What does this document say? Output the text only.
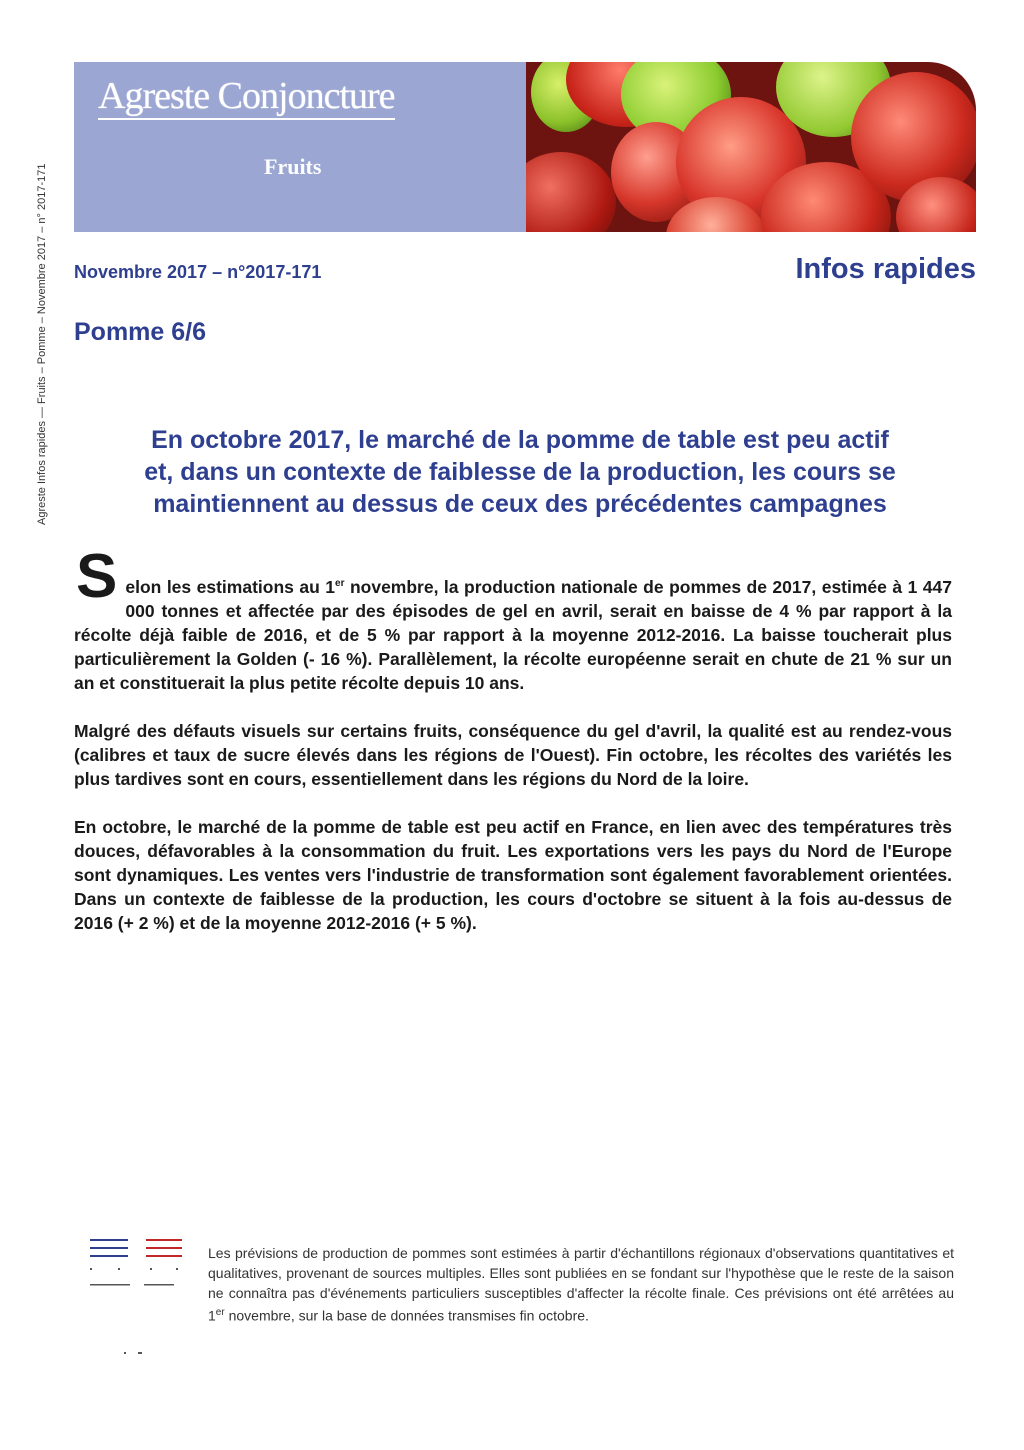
Agreste Infos rapides — Fruits – Pomme – Novembre 2017 – n° 2017-171
Agreste Conjoncture
Fruits
Novembre 2017 – n°2017-171	Infos rapides
Pomme 6/6
En octobre 2017, le marché de la pomme de table est peu actif
et, dans un contexte de faiblesse de la production, les cours se
maintiennent au dessus de ceux des précédentes campagnes

Selon les estimations au 1er novembre, la production nationale de pommes de 2017, estimée à 1 447 000 tonnes et affectée par des épisodes de gel en avril, serait en baisse de 4 % par rapport à la récolte déjà faible de 2016, et de 5 % par rapport à la moyenne 2012-2016. La baisse toucherait plus particulièrement la Golden (- 16 %). Parallèlement, la récolte européenne serait en chute de 21 % sur un an et constituerait la plus petite récolte depuis 10 ans.

Malgré des défauts visuels sur certains fruits, conséquence du gel d'avril, la qualité est au rendez-vous (calibres et taux de sucre élevés dans les régions de l'Ouest). Fin octobre, les récoltes des variétés les plus tardives sont en cours, essentiellement dans les régions du Nord de la loire.

En octobre, le marché de la pomme de table est peu actif en France, en lien avec des températures très douces, défavorables à la consommation du fruit. Les exportations vers les pays du Nord de l'Europe sont dynamiques. Les ventes vers l'industrie de transformation sont également favorablement orientées. Dans un contexte de faiblesse de la production, les cours d'octobre se situent à la fois au-dessus de 2016 (+ 2 %) et de la moyenne 2012-2016 (+ 5 %).

Les prévisions de production de pommes sont estimées à partir d'échantillons régionaux d'observations quantitatives et qualitatives, provenant de sources multiples. Elles sont publiées en se fondant sur l'hypothèse que le reste de la saison ne connaîtra pas d'événements particuliers susceptibles d'affecter la récolte finale. Ces prévisions ont été arrêtées au 1er novembre, sur la base de données transmises fin octobre.
